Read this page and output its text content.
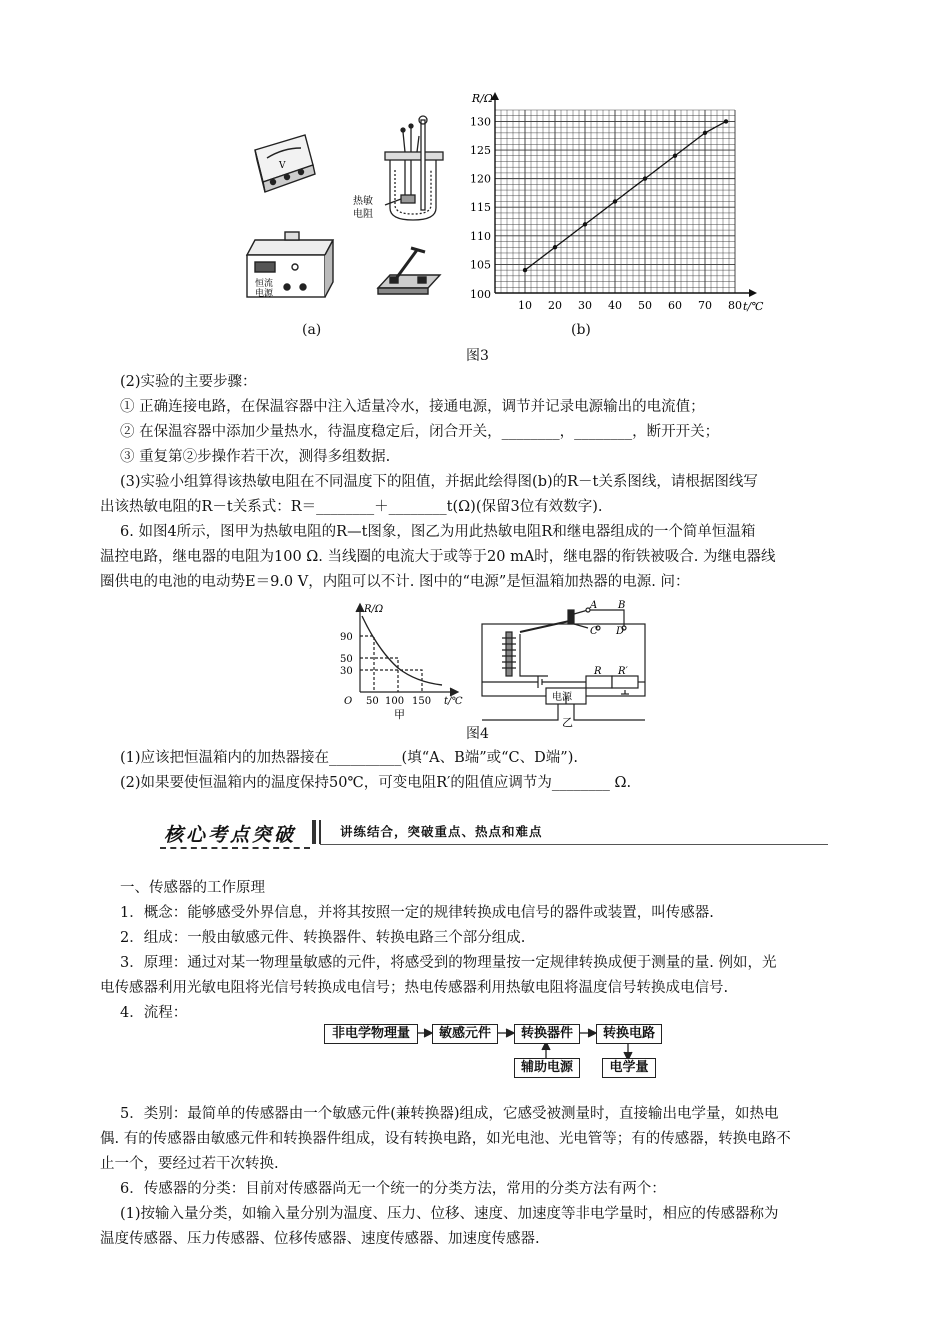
V
热敏
电阻
恒流
电源
(a)
R/Ω
t/℃
100
105
110
115
120
125
130
10 20 30 40 50 60 70 80
(b)
图3
(2)实验的主要步骤：
① 正确连接电路，在保温容器中注入适量冷水，接通电源，调节并记录电源输出的电流值；
② 在保温容器中添加少量热水，待温度稳定后，闭合开关，________，________，断开开关；
③ 重复第②步操作若干次，测得多组数据.
(3)实验小组算得该热敏电阻在不同温度下的阻值，并据此绘得图(b)的R－t关系图线，请根据图线写
出该热敏电阻的R－t关系式：R＝________＋________t(Ω)(保留3位有效数字).
6. 如图4所示，图甲为热敏电阻的R—t图象，图乙为用此热敏电阻R和继电器组成的一个简单恒温箱
温控电路，继电器的电阻为100 Ω. 当线圈的电流大于或等于20 mA时，继电器的衔铁被吸合. 为继电器线
圈供电的电池的电动势E＝9.0 V，内阻可以不计. 图中的“电源”是恒温箱加热器的电源. 问：
R/Ω
90
50
30
O 50 100 150 t/℃
甲
A B
C D
R R′
电源
乙
图4
(1)应该把恒温箱内的加热器接在__________(填“A、B端”或“C、D端”).
(2)如果要使恒温箱内的温度保持50℃，可变电阻R′的阻值应调节为________ Ω.
核心考点突破	讲练结合，突破重点、热点和难点
一、传感器的工作原理
1．概念：能够感受外界信息，并将其按照一定的规律转换成电信号的器件或装置，叫传感器.
2．组成：一般由敏感元件、转换器件、转换电路三个部分组成.
3．原理：通过对某一物理量敏感的元件，将感受到的物理量按一定规律转换成便于测量的量. 例如，光
电传感器利用光敏电阻将光信号转换成电信号；热电传感器利用热敏电阻将温度信号转换成电信号.
4．流程：
非电学物理量	敏感元件	转换器件	转换电路
辅助电源	电学量
5．类别：最简单的传感器由一个敏感元件(兼转换器)组成，它感受被测量时，直接输出电学量，如热电
偶. 有的传感器由敏感元件和转换器件组成，设有转换电路，如光电池、光电管等；有的传感器，转换电路不
止一个，要经过若干次转换.
6．传感器的分类：目前对传感器尚无一个统一的分类方法，常用的分类方法有两个：
(1)按输入量分类，如输入量分别为温度、压力、位移、速度、加速度等非电学量时，相应的传感器称为
温度传感器、压力传感器、位移传感器、速度传感器、加速度传感器.
